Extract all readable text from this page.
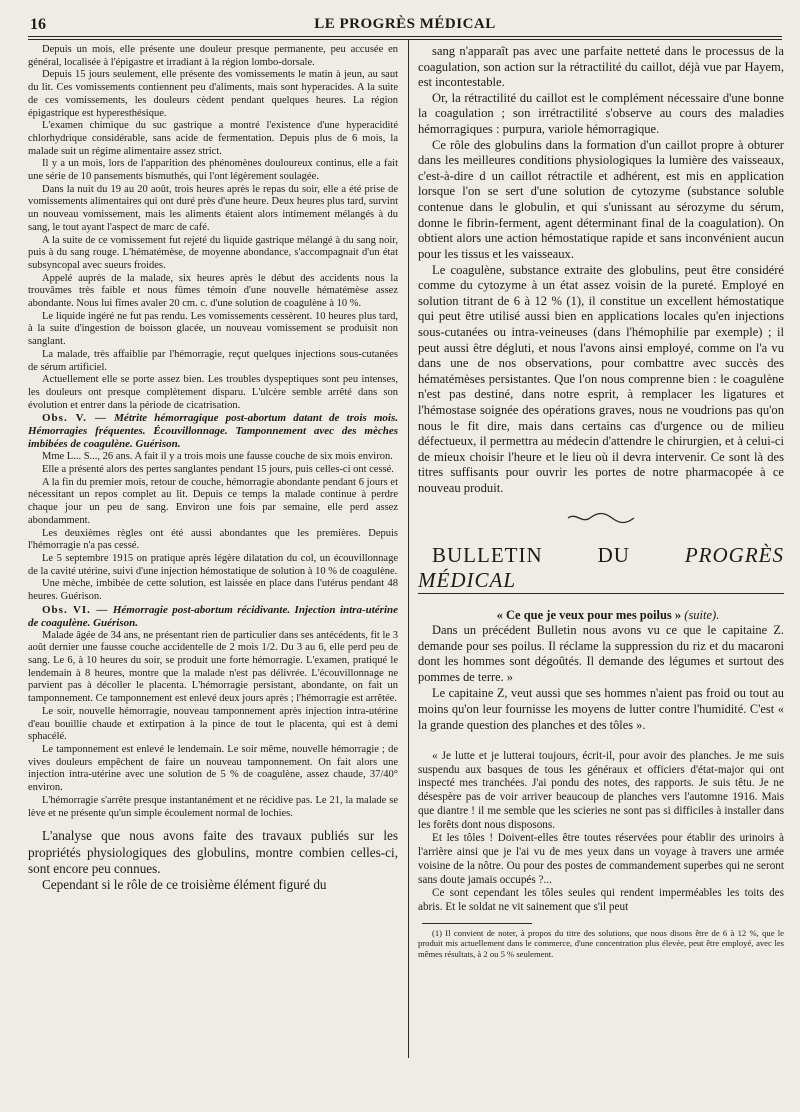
16	LE PROGRÈS MÉDICAL

Depuis un mois, elle présente une douleur presque permanente, peu accusée en général, localisée à l'épigastre et irradiant à la région lombo-dorsale.

Depuis 15 jours seulement, elle présente des vomissements le matin à jeun, au saut du lit. Ces vomissements contiennent peu d'aliments, mais sont hyperacides. A la suite de ces vomissements, les douleurs cèdent pendant quelques heures. La région épigastrique est hyperesthésique.

L'examen chimique du suc gastrique a montré l'existence d'une hyperacidité chlorhydrique considérable, sans acide de fermentation. Depuis plus de 6 mois, la malade suit un régime alimentaire assez strict.

Il y a un mois, lors de l'apparition des phénomènes douloureux continus, elle a fait une série de 10 pansements bismuthés, qui l'ont légèrement soulagée.

Dans la nuit du 19 au 20 août, trois heures après le repas du soir, elle a été prise de vomissements alimentaires qui ont duré près d'une heure. Deux heures plus tard, survint un nouveau vomissement, mais les aliments étaient alors intimement mélangés à du sang, le tout ayant l'aspect de marc de café.

A la suite de ce vomissement fut rejeté du liquide gastrique mélangé à du sang noir, puis à du sang rouge. L'hématémèse, de moyenne abondance, s'accompagnait d'un état subsyncopal avec sueurs froides.

Appelé auprès de la malade, six heures après le début des accidents nous la trouvâmes très faible et nous fûmes témoin d'une nouvelle hématémèse assez abondante. Nous lui fîmes avaler 20 cm. c. d'une solution de coagulène à 10 %.

Le liquide ingéré ne fut pas rendu. Les vomissements cessèrent. 10 heures plus tard, à la suite d'ingestion de boisson glacée, un nouveau vomissement se produisit non sanglant.

La malade, très affaiblie par l'hémorragie, reçut quelques injections sous-cutanées de sérum artificiel.

Actuellement elle se porte assez bien. Les troubles dyspeptiques sont peu intenses, les douleurs ont presque complètement disparu. L'ulcère semble arrêté dans son évolution et entrer dans la période de cicatrisation.

Obs. V. — Métrite hémorragique post-abortum datant de trois mois. Hémorragies fréquentes. Écouvillonnage. Tamponnement avec des mèches imbibées de coagulène. Guérison.

Mme L... S..., 26 ans. A fait il y a trois mois une fausse couche de six mois environ.

Elle a présenté alors des pertes sanglantes pendant 15 jours, puis celles-ci ont cessé.

A la fin du premier mois, retour de couche, hémorragie abondante pendant 6 jours et nécessitant un repos complet au lit. Depuis ce temps la malade continue à perdre chaque jour un peu de sang. Environ une fois par semaine, elle perd assez abondamment.

Les deuxièmes règles ont été aussi abondantes que les premières. Depuis l'hémorragie n'a pas cessé.

Le 5 septembre 1915 on pratique après légère dilatation du col, un écouvillonnage de la cavité utérine, suivi d'une injection hémostatique de solution à 10 % de coagulène.

Une mèche, imbibée de cette solution, est laissée en place dans l'utérus pendant 48 heures. Guérison.

Obs. VI. — Hémorragie post-abortum récidivante. Injection intra-utérine de coagulène. Guérison.

Malade âgée de 34 ans, ne présentant rien de particulier dans ses antécédents, fit le 3 août dernier une fausse couche accidentelle de 2 mois 1/2. Du 3 au 6, elle perd peu de sang. Le 6, à 10 heures du soir, se produit une forte hémorragie. L'examen, pratiqué le lendemain à 8 heures, montre que la malade n'est pas délivrée. L'écouvillonnage ne parvient pas à décoller le placenta. L'hémorragie persistant, abondante, on fait un tamponnement. Ce tamponnement est enlevé deux jours après ; l'hémorragie est arrêtée.

Le soir, nouvelle hémorragie, nouveau tamponnement après injection intra-utérine d'eau bouillie chaude et extirpation à la pince de tout le placenta, qui est à demi sphacélé.

Le tamponnement est enlevé le lendemain. Le soir même, nouvelle hémorragie ; de vives douleurs empêchent de faire un nouveau tamponnement. On fait alors une injection intra-utérine avec une solution de 5 % de coagulène, assez chaude, 37/40° environ.

L'hémorragie s'arrête presque instantanément et ne récidive pas. Le 21, la malade se lève et ne présente qu'un simple écoulement normal de lochies.

L'analyse que nous avons faite des travaux publiés sur les propriétés physiologiques des globulins, montre combien celles-ci, sont encore peu connues.

Cependant si le rôle de ce troisième élément figuré du

sang n'apparaît pas avec une parfaite netteté dans le processus de la coagulation, son action sur la rétractilité du caillot, déjà vue par Hayem, est incontestable.

Or, la rétractilité du caillot est le complément nécessaire d'une bonne la coagulation ; son irrétractilité s'observe au cours des maladies hémorragiques : purpura, variole hémorragique.

Ce rôle des globulins dans la formation d'un caillot propre à obturer dans les meilleures conditions physiologiques la lumière des vaisseaux, c'est-à-dire d un caillot rétractile et adhérent, est mis en application lorsque l'on se sert d'une solution de cytozyme (substance soluble contenue dans le globulin, et qui s'unissant au sérozyme du sérum, donne le fibrin-ferment, agent déterminant final de la coagulation). On obtient alors une action hémostatique rapide et sans inconvénient aucun pour les tissus et les vaisseaux.

Le coagulène, substance extraite des globulins, peut être considéré comme du cytozyme à un état assez voisin de la pureté. Employé en solution titrant de 6 à 12 % (1), il constitue un excellent hémostatique qui peut être utilisé aussi bien en applications locales qu'en injections sous-cutanées ou intra-veineuses (dans l'hémophilie par exemple) ; il peut aussi être dégluti, et nous l'avons ainsi employé, comme on l'a vu dans une de nos observations, pour combattre avec succès des hématémèses persistantes. Que l'on nous comprenne bien : le coagulène n'est pas destiné, dans notre esprit, à remplacer les ligatures et l'hémostase soignée des opérations graves, nous ne voudrions pas qu'on nous le fit dire, mais dans certains cas d'urgence ou de milieu défectueux, il permettra au médecin d'attendre le chirurgien, et à celui-ci de mieux choisir l'heure et le lieu où il devra intervenir. Ce sont là des titres suffisants pour ouvrir les portes de notre pharmacopée à ce nouveau produit.

BULLETIN DU PROGRÈS MÉDICAL

« Ce que je veux pour mes poilus » (suite).

Dans un précédent Bulletin nous avons vu ce que le capitaine Z. demande pour ses poilus. Il réclame la suppression du riz et du macaroni dont les hommes sont dégoûtés. Il demande des légumes et surtout des pommes de terre. »

Le capitaine Z, veut aussi que ses hommes n'aient pas froid ou tout au moins qu'on leur fournisse les moyens de lutter contre l'humidité. C'est « la grande question des planches et des tôles ».

« Je lutte et je lutterai toujours, écrit-il, pour avoir des planches. Je me suis suspendu aux basques de tous les généraux et officiers d'état-major qui ont inspecté mes tranchées. J'ai pondu des notes, des rapports. Je suis têtu. Je ne désespère pas de voir arriver beaucoup de planches vers l'automne 1916. Mais que diantre ! il me semble que les scieries ne sont pas si difficiles à installer dans les forêts dont nous disposons.

Et les tôles ! Doivent-elles être toutes réservées pour établir des urinoirs à l'arrière ainsi que je l'ai vu de mes yeux dans un voyage à travers une armée voisine de la nôtre. Ou pour des postes de commandement superbes qui ne seront sans doute jamais occupés ?...

Ce sont cependant les tôles seules qui rendent imperméables les toits des abris. Et le soldat ne vit sainement que s'il peut

(1) Il convient de noter, à propos du titre des solutions, que nous disons être de 6 à 12 %, que le produit mis actuellement dans le commerce, d'une concentration plus élevée, peut être employé, avec les mêmes résultats, à 2 ou 5 % seulement.
